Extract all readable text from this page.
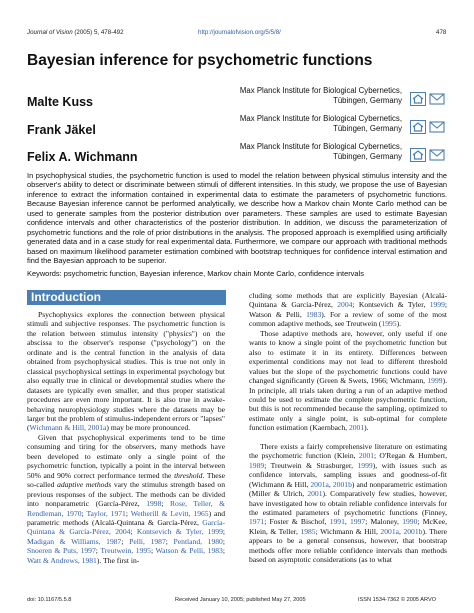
Journal of Vision (2005) 5, 478-492	http://journalofvision.org/5/5/8/	478
Bayesian inference for psychometric functions
Malte Kuss
Max Planck Institute for Biological Cybernetics,
Tübingen, Germany
Frank Jäkel
Max Planck Institute for Biological Cybernetics,
Tübingen, Germany
Felix A. Wichmann
Max Planck Institute for Biological Cybernetics,
Tübingen, Germany
In psychophysical studies, the psychometric function is used to model the relation between physical stimulus intensity and the observer's ability to detect or discriminate between stimuli of different intensities. In this study, we propose the use of Bayesian inference to extract the information contained in experimental data to estimate the parameters of psychometric functions. Because Bayesian inference cannot be performed analytically, we describe how a Markov chain Monte Carlo method can be used to generate samples from the posterior distribution over parameters. These samples are used to estimate Bayesian confidence intervals and other characteristics of the posterior distribution. In addition, we discuss the parameterization of psychometric functions and the role of prior distributions in the analysis. The proposed approach is exemplified using artificially generated data and in a case study for real experimental data. Furthermore, we compare our approach with traditional methods based on maximum likelihood parameter estimation combined with bootstrap techniques for confidence interval estimation and find the Bayesian approach to be superior.
Keywords: psychometric function, Bayesian inference, Markov chain Monte Carlo, confidence intervals
Introduction

Psychophysics explores the connection between physical stimuli and subjective responses. The psychometric function is the relation between stimulus intensity ("physics") on the abscissa to the observer's response ("psychology") on the ordinate and is the central function in the analysis of data obtained from psychophysical studies. This is true not only in classical psychophysical settings in experimental psychology but also equally true in clinical or developmental studies where the datasets are typically even smaller, and thus proper statistical procedures are even more important. It is also true in awake-behaving neurophysiology studies where the datasets may be larger but the problem of stimulus-independent errors or "lapses" (Wichmann & Hill, 2001a) may be more pronounced.

Given that psychophysical experiments tend to be time consuming and tiring for the observers, many methods have been developed to estimate only a single point of the psychometric function, typically a point in the interval between 50% and 90% correct performance termed the threshold. These so-called adaptive methods vary the stimulus strength based on previous responses of the subject. The methods can be divided into nonparametric (García-Pérez, 1998; Rose, Teller, & Rendleman, 1970; Taylor, 1971; Wetherill & Levitt, 1965) and parametric methods (Alcalá-Quintana & García-Pérez, García-Quintana & García-Pérez, 2004; Kontsevich & Tyler, 1999; Madigan & Williams, 1987; Pelli, 1987; Pentland, 1980; Snoeren & Puts, 1997; Treutwein, 1995; Watson & Pelli, 1983; Watt & Andrews, 1981). The first in-

cluding some methods that are explicitly Bayesian (Alcalá-Quintana & García-Pérez, 2004; Kontsevich & Tyler, 1999; Watson & Pelli, 1983). For a review of some of the most common adaptive methods, see Treutwein (1995).

Those adaptive methods are, however, only useful if one wants to know a single point of the psychometric function but also to estimate it in its entirety. Differences between experimental conditions may not lead to different threshold values but the slope of the psychometric functions could have changed significantly (Green & Swets, 1966; Wichmann, 1999). In principle, all trials taken during a run of an adaptive method could be used to estimate the complete psychometric function, but this is not recommended because the sampling, optimized to estimate only a single point, is sub-optimal for complete function estimation (Kaernbach, 2001).

There exists a fairly comprehensive literature on estimating the psychometric function (Klein, 2001; O'Regan & Humbert, 1989; Treutwein & Strasburger, 1999), with issues such as confidence intervals, sampling issues and goodness-of-fit (Wichmann & Hill, 2001a, 2001b) and nonparametric estimation (Miller & Ulrich, 2001). Comparatively few studies, however, have investigated how to obtain reliable confidence intervals for the estimated parameters of psychometric functions (Finney, 1971; Foster & Bischof, 1991, 1997; Maloney, 1990; McKee, Klein, & Teller, 1985; Wichmann & Hill, 2001a, 2001b). There appears to be a general consensus, however, that bootstrap methods offer more reliable confidence intervals than methods based on asymptotic considerations (as to what

doi: 10.1167/5.5.8	Received January 10, 2005; published May 27, 2005	ISSN 1534-7362 © 2005 ARVO
